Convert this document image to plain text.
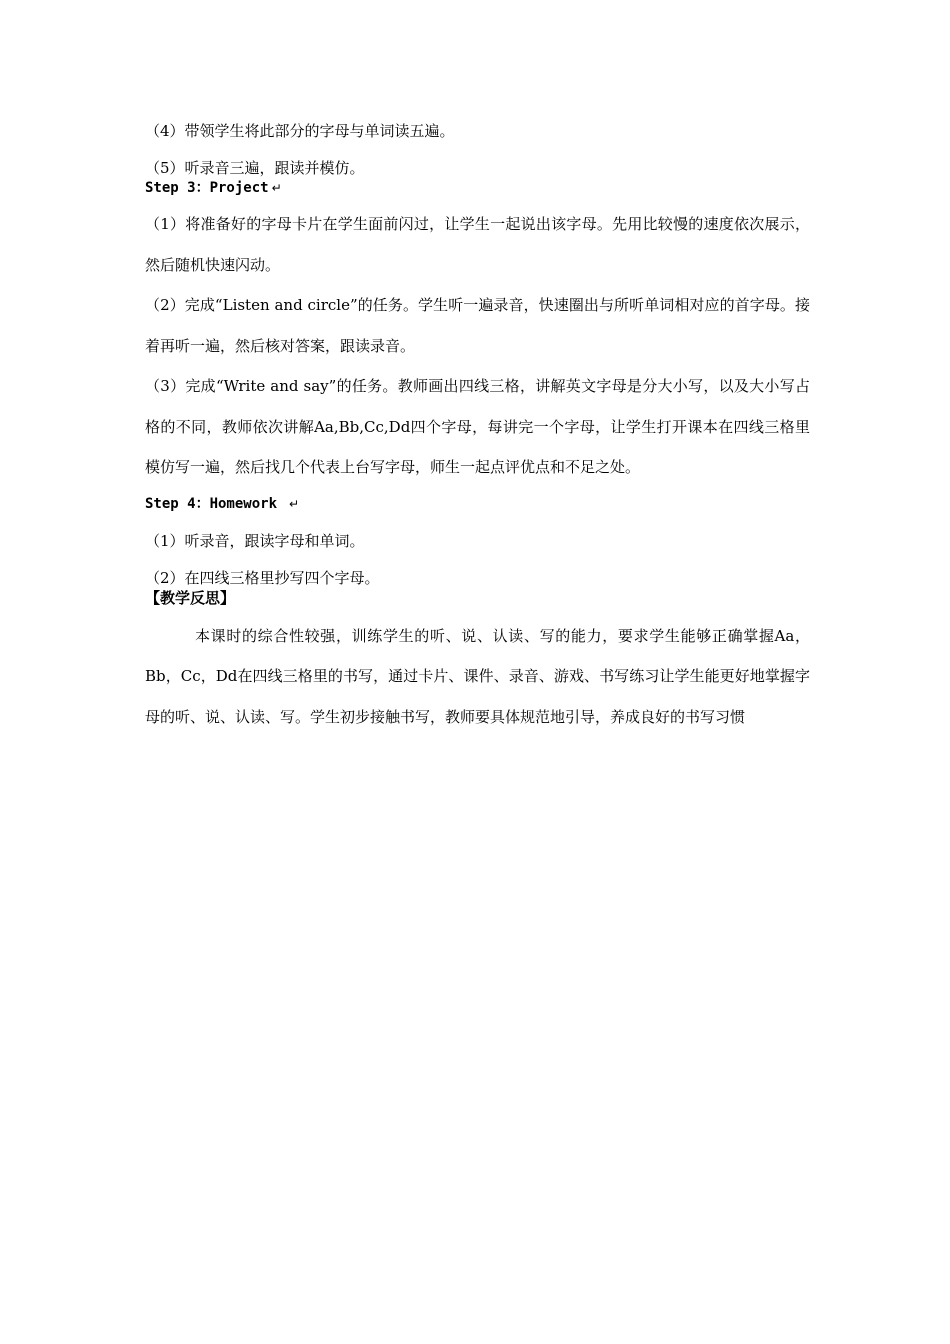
（4）带领学生将此部分的字母与单词读五遍。

（5）听录音三遍，跟读并模仿。

Step 3：Project ↵

（1）将准备好的字母卡片在学生面前闪过，让学生一起说出该字母。先用比较慢的速度依次展示，然后随机快速闪动。

（2）完成“Listen and circle”的任务。学生听一遍录音，快速圈出与所听单词相对应的首字母。接着再听一遍，然后核对答案，跟读录音。

（3）完成“Write and say”的任务。教师画出四线三格，讲解英文字母是分大小写，以及大小写占格的不同，教师依次讲解Aa,Bb,Cc,Dd四个字母，每讲完一个字母，让学生打开课本在四线三格里模仿写一遍，然后找几个代表上台写字母，师生一起点评优点和不足之处。

Step 4：Homework ↵

（1）听录音，跟读字母和单词。

（2）在四线三格里抄写四个字母。

【教学反思】

本课时的综合性较强，训练学生的听、说、认读、写的能力，要求学生能够正确掌握Aa，Bb，Cc，Dd在四线三格里的书写，通过卡片、课件、录音、游戏、书写练习让学生能更好地掌握字母的听、说、认读、写。学生初步接触书写，教师要具体规范地引导，养成良好的书写习惯
